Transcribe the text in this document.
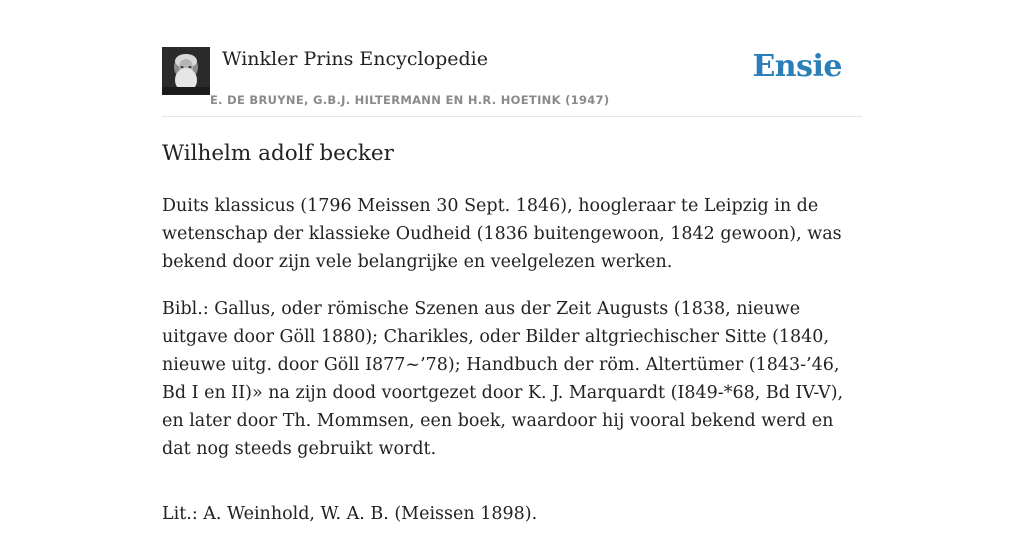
Winkler Prins Encyclopedie
E. DE BRUYNE, G.B.J. HILTERMANN EN H.R. HOETINK (1947)
Ensie
Wilhelm adolf becker

Duits klassicus (1796 Meissen 30 Sept. 1846), hoogleraar te Leipzig in de wetenschap der klassieke Oudheid (1836 buitengewoon, 1842 gewoon), was bekend door zijn vele belangrijke en veelgelezen werken.

Bibl.: Gallus, oder römische Szenen aus der Zeit Augusts (1838, nieuwe uitgave door Göll 1880); Charikles, oder Bilder altgriechischer Sitte (1840, nieuwe uitg. door Göll I877~’78); Handbuch der röm. Altertümer (1843-’46, Bd I en II)» na zijn dood voortgezet door K. J. Marquardt (I849-*68, Bd IV-V), en later door Th. Mommsen, een boek, waardoor hij vooral bekend werd en dat nog steeds gebruikt wordt.

Lit.: A. Weinhold, W. A. B. (Meissen 1898).
